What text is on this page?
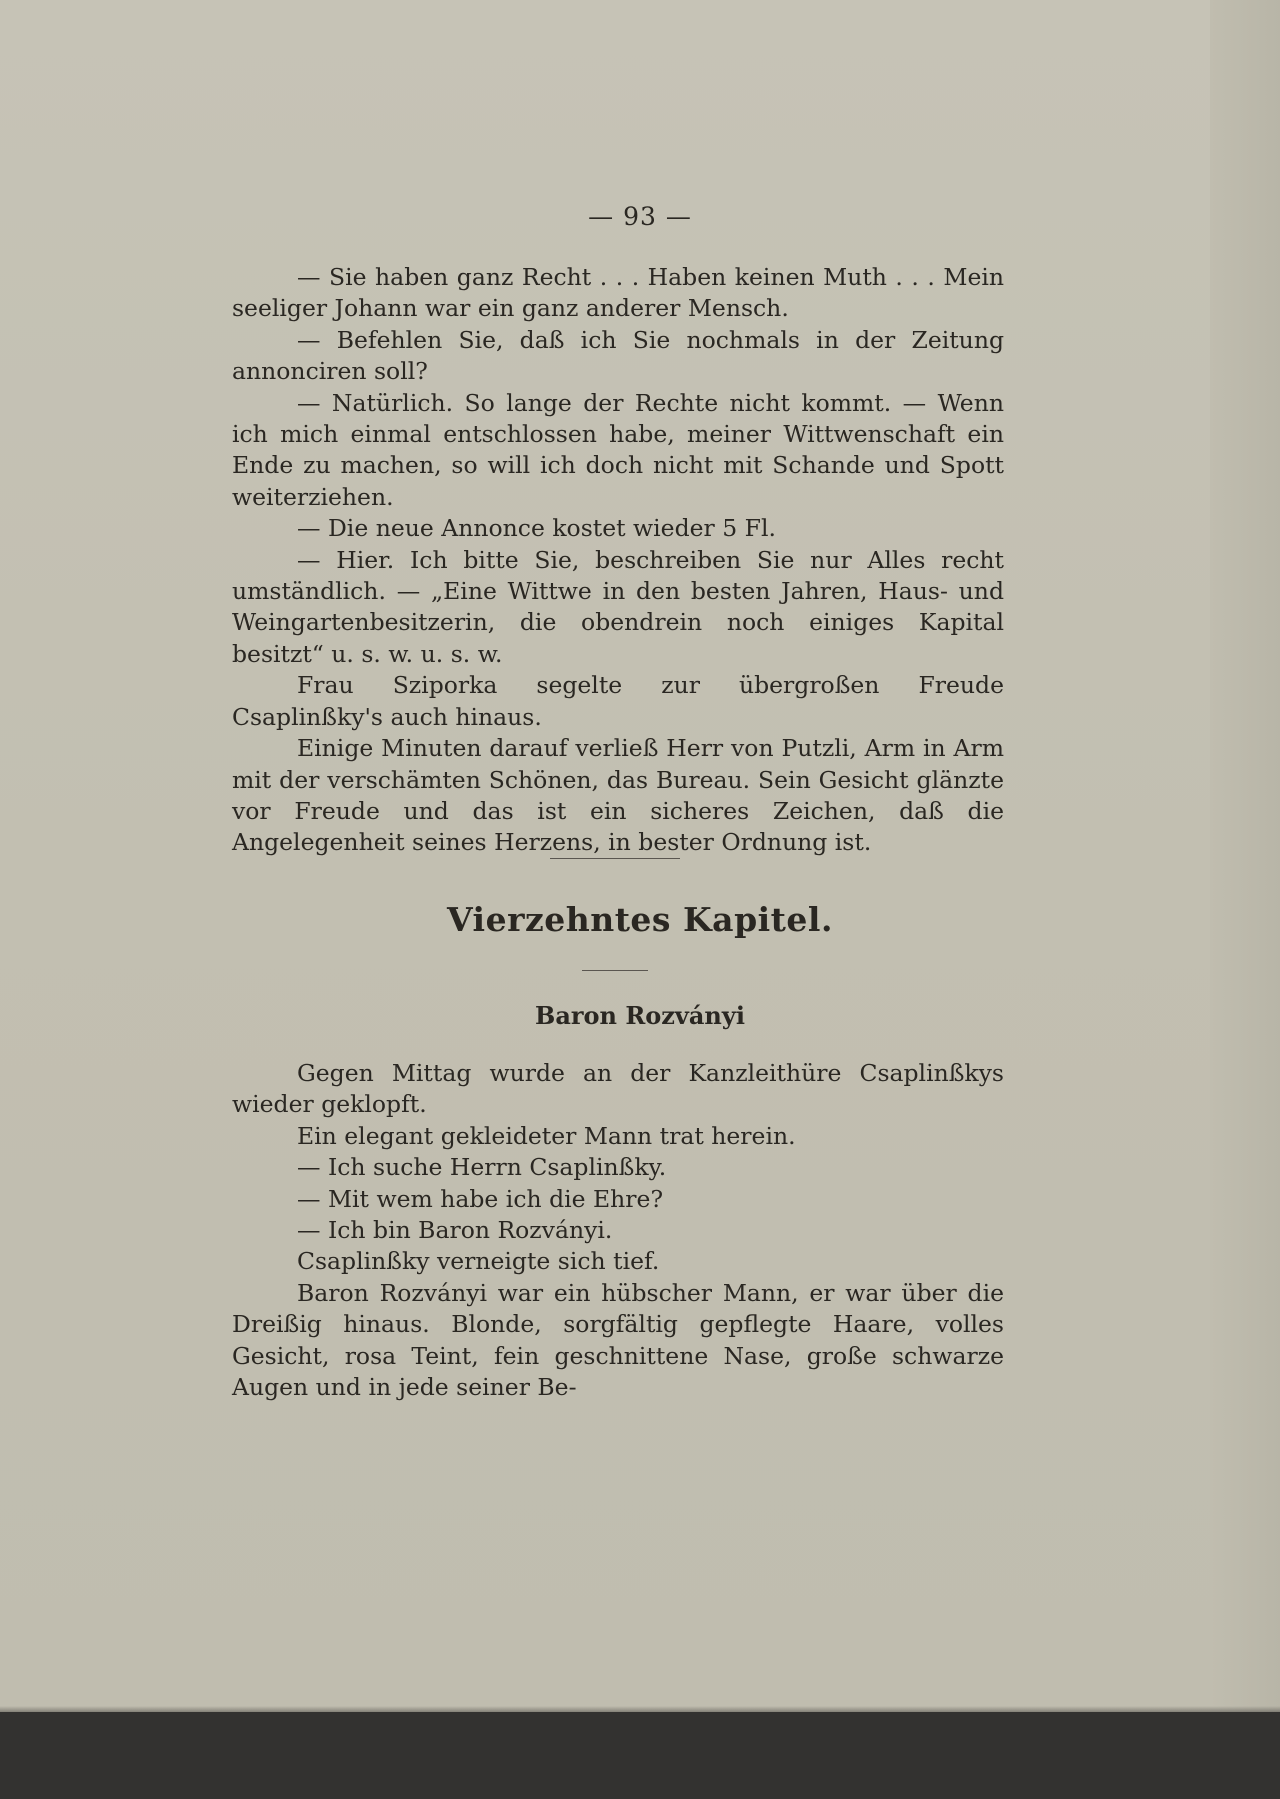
— 93 —

— Sie haben ganz Recht . . . Haben keinen Muth . . . Mein seeliger Johann war ein ganz anderer Mensch.

— Befehlen Sie, daß ich Sie nochmals in der Zeitung annonciren soll?

— Natürlich. So lange der Rechte nicht kommt. — Wenn ich mich einmal entschlossen habe, meiner Wittwenschaft ein Ende zu machen, so will ich doch nicht mit Schande und Spott weiterziehen.

— Die neue Annonce kostet wieder 5 Fl.

— Hier. Ich bitte Sie, beschreiben Sie nur Alles recht umständlich. — „Eine Wittwe in den besten Jahren, Haus- und Weingartenbesitzerin, die obendrein noch einiges Kapital besitzt“ u. s. w. u. s. w.

Frau Sziporka segelte zur übergroßen Freude Csaplinßky's auch hinaus.

Einige Minuten darauf verließ Herr von Putzli, Arm in Arm mit der verschämten Schönen, das Bureau. Sein Gesicht glänzte vor Freude und das ist ein sicheres Zeichen, daß die Angelegenheit seines Herzens, in bester Ordnung ist.

Vierzehntes Kapitel.
Baron Rozványi

Gegen Mittag wurde an der Kanzleithüre Csaplinßkys wieder geklopft.

Ein elegant gekleideter Mann trat herein.

— Ich suche Herrn Csaplinßky.

— Mit wem habe ich die Ehre?

— Ich bin Baron Rozványi.

Csaplinßky verneigte sich tief.

Baron Rozványi war ein hübscher Mann, er war über die Dreißig hinaus. Blonde, sorgfältig gepflegte Haare, volles Gesicht, rosa Teint, fein geschnittene Nase, große schwarze Augen und in jede seiner Be-
